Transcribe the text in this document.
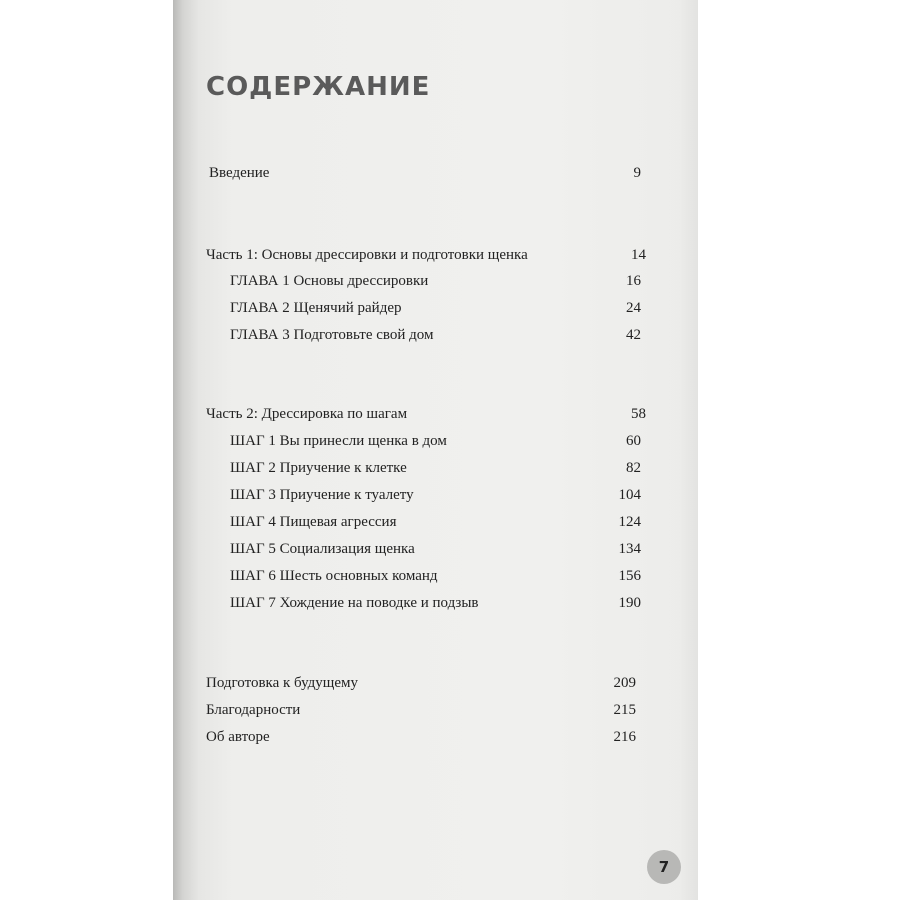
СОДЕРЖАНИЕ
Введение	9
Часть 1: Основы дрессировки и подготовки щенка	14
ГЛАВА 1 Основы дрессировки	16
ГЛАВА 2 Щенячий райдер	24
ГЛАВА 3 Подготовьте свой дом	42
Часть 2: Дрессировка по шагам	58
ШАГ 1 Вы принесли щенка в дом	60
ШАГ 2 Приучение к клетке	82
ШАГ 3 Приучение к туалету	104
ШАГ 4 Пищевая агрессия	124
ШАГ 5 Социализация щенка	134
ШАГ 6 Шесть основных команд	156
ШАГ 7 Хождение на поводке и подзыв	190
Подготовка к будущему	209
Благодарности	215
Об авторе	216
7
